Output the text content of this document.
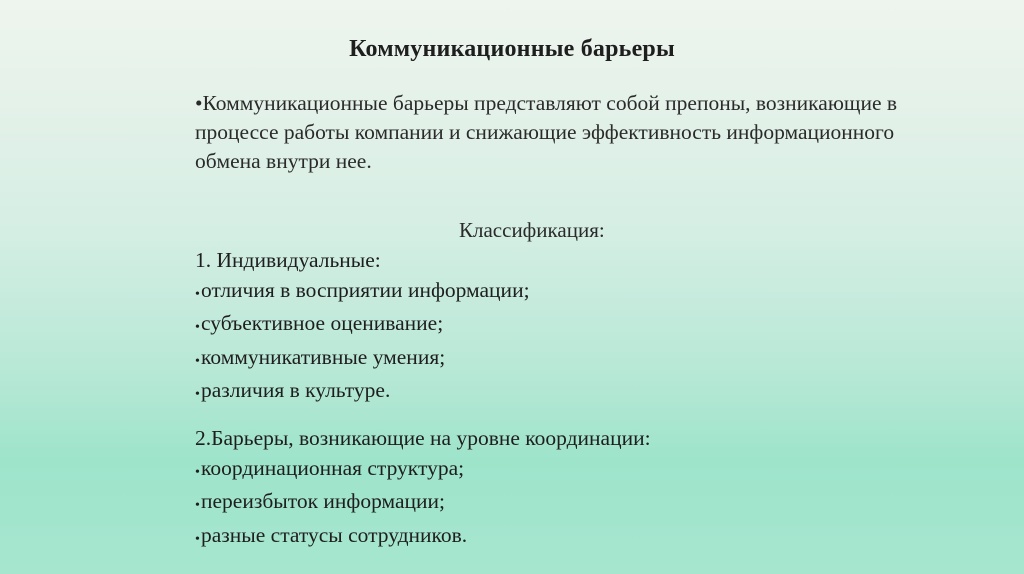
Коммуникационные барьеры

•Коммуникационные барьеры представляют собой препоны, возникающие в процессе работы компании и снижающие эффективность информационного обмена внутри нее.

Классификация:
1. Индивидуальные:
•отличия в восприятии информации;
•субъективное оценивание;
•коммуникативные умения;
•различия в культуре.
2.Барьеры, возникающие на уровне координации:
•координационная структура;
•переизбыток информации;
•разные статусы сотрудников.
